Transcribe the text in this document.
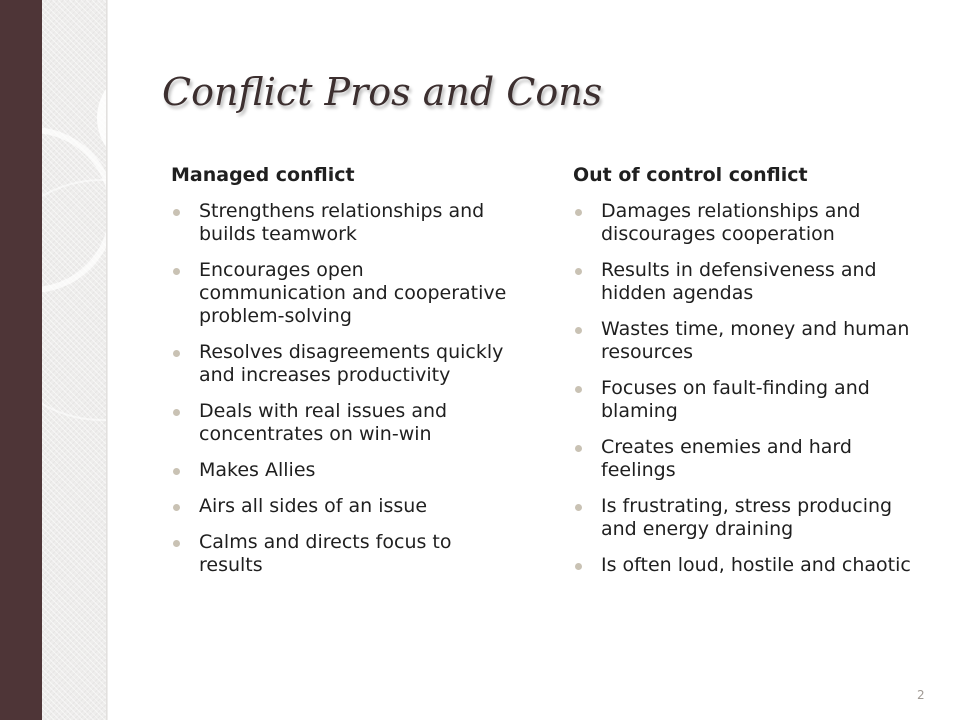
Conflict Pros and Cons
Managed conflict
Strengthens relationships and builds teamwork
Encourages open communication and cooperative problem-solving
Resolves disagreements quickly and increases productivity
Deals with real issues and concentrates on win-win
Makes Allies
Airs all sides of an issue
Calms and directs focus to results
Out of control conflict
Damages relationships and discourages cooperation
Results in defensiveness and hidden agendas
Wastes time, money and human resources
Focuses on fault-finding and blaming
Creates enemies and hard feelings
Is frustrating, stress producing and energy draining
Is often loud, hostile and chaotic
2
